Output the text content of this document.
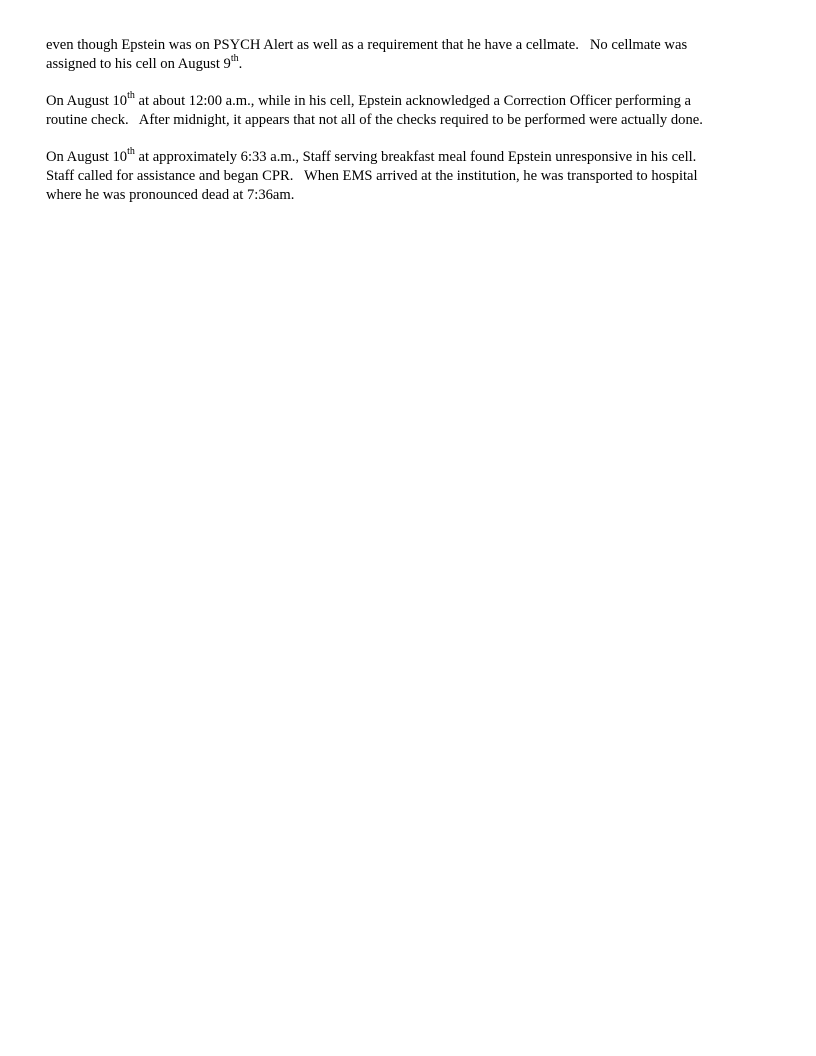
even though Epstein was on PSYCH Alert as well as a requirement that he have a cellmate.   No cellmate was
assigned to his cell on August 9th.

On August 10th at about 12:00 a.m., while in his cell, Epstein acknowledged a Correction Officer performing a
routine check.   After midnight, it appears that not all of the checks required to be performed were actually done.

On August 10th at approximately 6:33 a.m., Staff serving breakfast meal found Epstein unresponsive in his cell.
Staff called for assistance and began CPR.   When EMS arrived at the institution, he was transported to hospital
where he was pronounced dead at 7:36am.
